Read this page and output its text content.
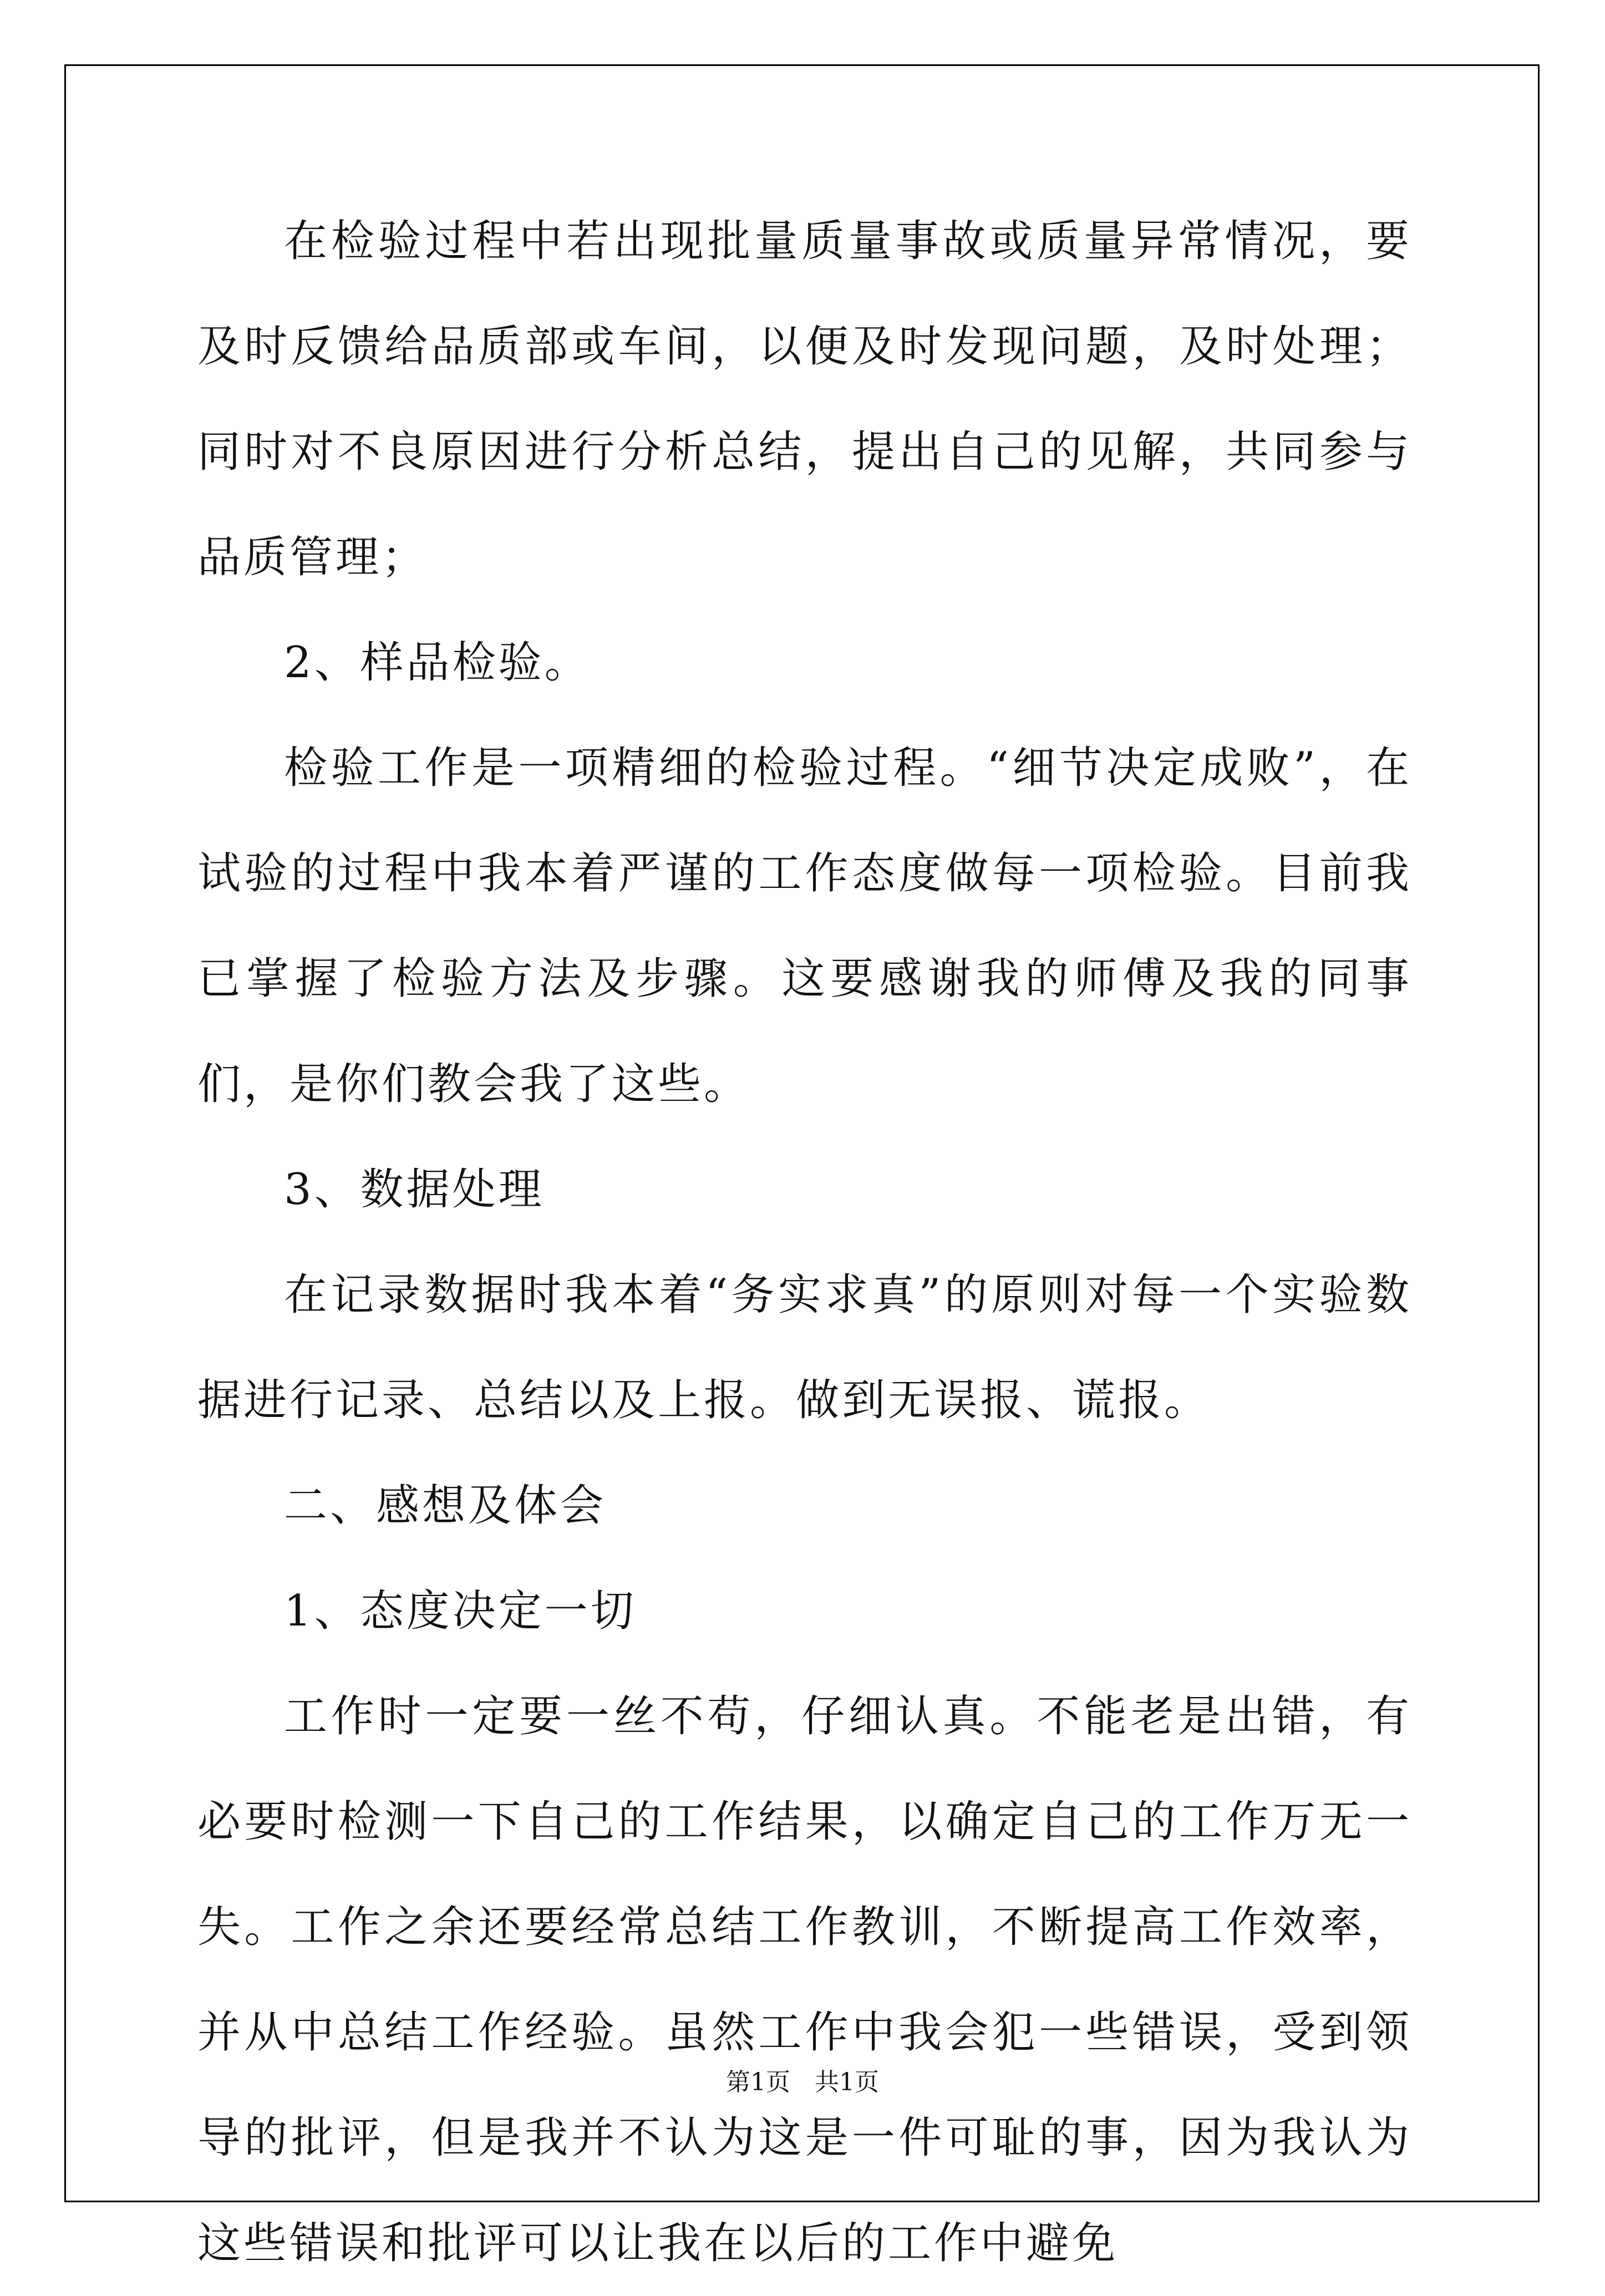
在检验过程中若出现批量质量事故或质量异常情况，要及时反馈给品质部或车间，以便及时发现问题，及时处理；同时对不良原因进行分析总结，提出自己的见解，共同参与品质管理；

2、样品检验。

检验工作是一项精细的检验过程。“细节决定成败”，在试验的过程中我本着严谨的工作态度做每一项检验。目前我已掌握了检验方法及步骤。这要感谢我的师傅及我的同事们，是你们教会我了这些。

3、数据处理

在记录数据时我本着“务实求真”的原则对每一个实验数据进行记录、总结以及上报。做到无误报、谎报。

二、感想及体会

1、态度决定一切

工作时一定要一丝不苟，仔细认真。不能老是出错，有必要时检测一下自己的工作结果，以确定自己的工作万无一失。工作之余还要经常总结工作教训，不断提高工作效率，并从中总结工作经验。虽然工作中我会犯一些错误，受到领导的批评，但是我并不认为这是一件可耻的事，因为我认为这些错误和批评可以让我在以后的工作中避免

第1页　共1页
